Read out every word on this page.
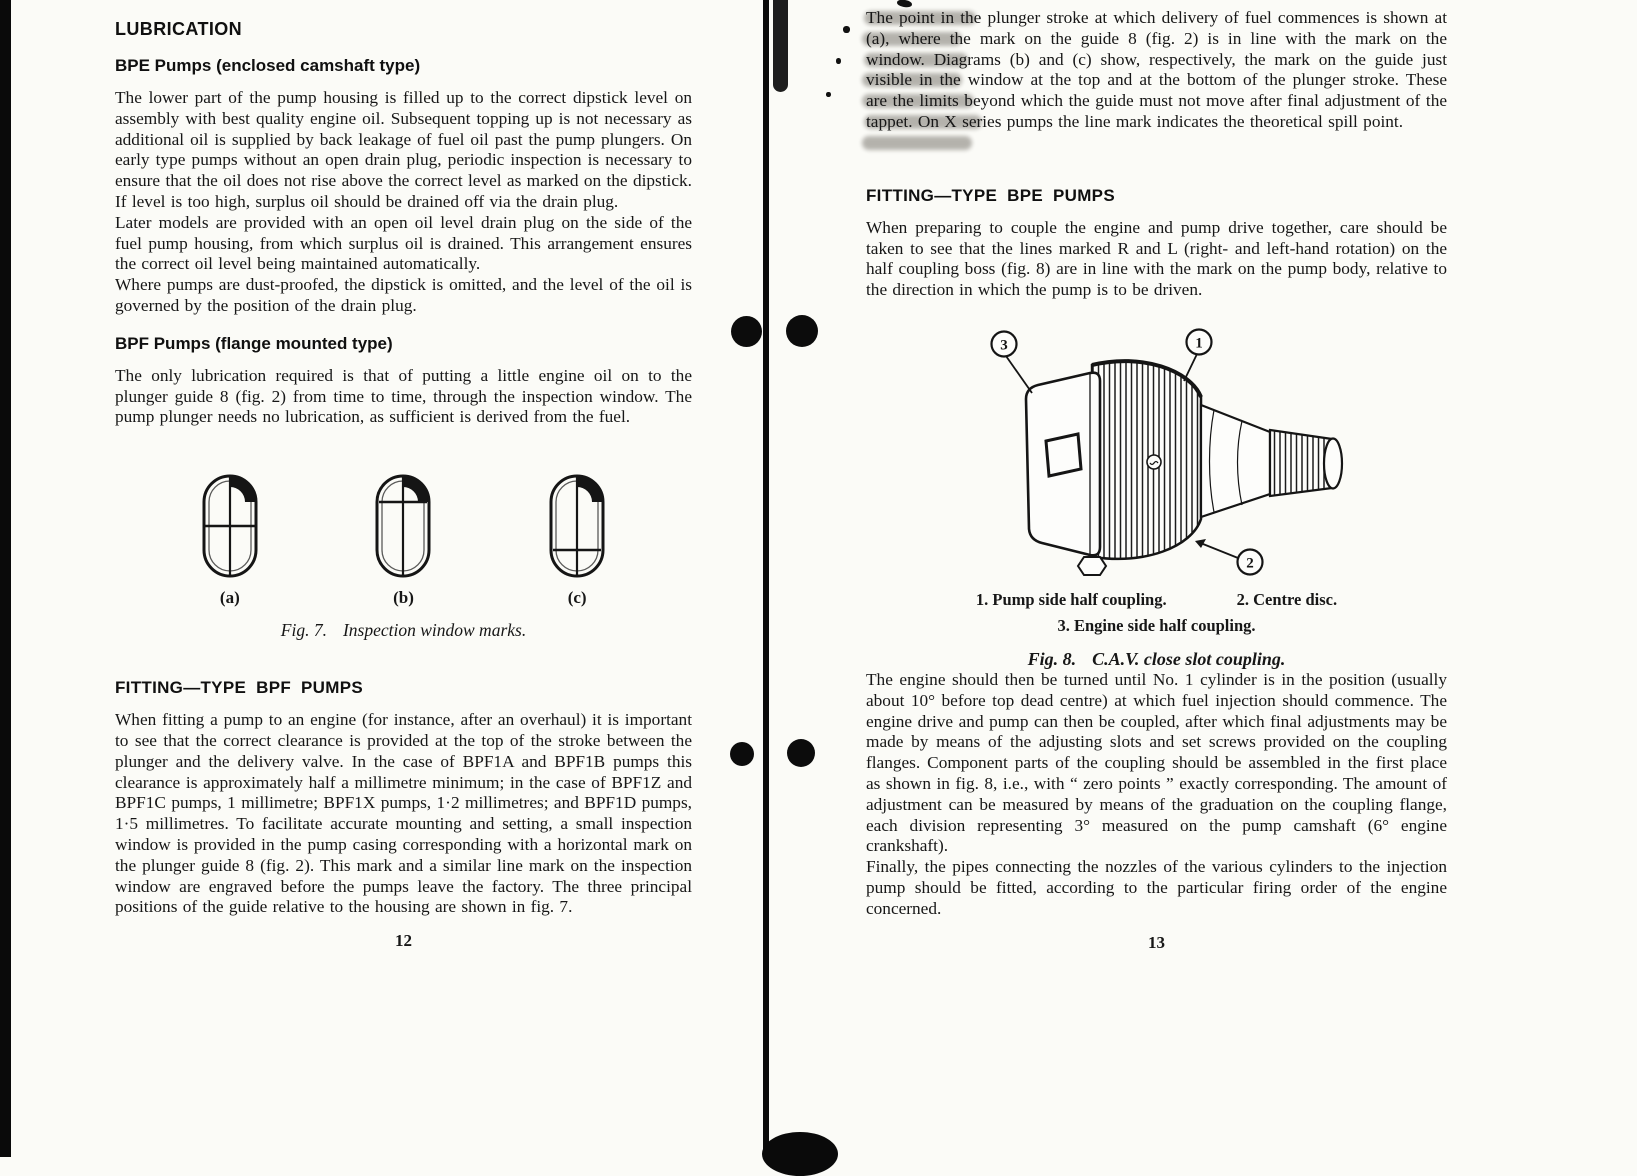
LUBRICATION
BPE Pumps (enclosed camshaft type)

The lower part of the pump housing is filled up to the correct dipstick level on assembly with best quality engine oil. Subsequent topping up is not necessary as additional oil is supplied by back leakage of fuel oil past the pump plungers. On early type pumps without an open drain plug, periodic inspection is necessary to ensure that the oil does not rise above the correct level as marked on the dipstick. If level is too high, surplus oil should be drained off via the drain plug.

Later models are provided with an open oil level drain plug on the side of the fuel pump housing, from which surplus oil is drained. This arrangement ensures the correct oil level being maintained automatically.

Where pumps are dust-proofed, the dipstick is omitted, and the level of the oil is governed by the position of the drain plug.

BPF Pumps (flange mounted type)

The only lubrication required is that of putting a little engine oil on to the plunger guide 8 (fig. 2) from time to time, through the inspection window. The pump plunger needs no lubrication, as sufficient is derived from the fuel.

(a)	(b)	(c)
Fig. 7. Inspection window marks.
FITTING—TYPE BPF PUMPS

When fitting a pump to an engine (for instance, after an overhaul) it is important to see that the correct clearance is provided at the top of the stroke between the plunger and the delivery valve. In the case of BPF1A and BPF1B pumps this clearance is approximately half a millimetre minimum; in the case of BPF1Z and BPF1C pumps, 1 millimetre; BPF1X pumps, 1·2 millimetres; and BPF1D pumps, 1·5 millimetres. To facilitate accurate mounting and setting, a small inspection window is provided in the pump casing corresponding with a horizontal mark on the plunger guide 8 (fig. 2). This mark and a similar line mark on the inspection window are engraved before the pumps leave the factory. The three principal positions of the guide relative to the housing are shown in fig. 7.

12

The point in the plunger stroke at which delivery of fuel commences is shown at (a), where the mark on the guide 8 (fig. 2) is in line with the mark on the window. Diagrams (b) and (c) show, respectively, the mark on the guide just visible in the window at the top and at the bottom of the plunger stroke. These are the limits beyond which the guide must not move after final adjustment of the tappet. On X series pumps the line mark indicates the theoretical spill point.

FITTING—TYPE BPE PUMPS

When preparing to couple the engine and pump drive together, care should be taken to see that the lines marked R and L (right- and left-hand rotation) on the half coupling boss (fig. 8) are in line with the mark on the pump body, relative to the direction in which the pump is to be driven.

3	1
2
1. Pump side half coupling.	2. Centre disc.
3. Engine side half coupling.
Fig. 8. C.A.V. close slot coupling.

The engine should then be turned until No. 1 cylinder is in the position (usually about 10° before top dead centre) at which fuel injection should commence. The engine drive and pump can then be coupled, after which final adjustments may be made by means of the adjusting slots and set screws provided on the coupling flanges. Component parts of the coupling should be assembled in the first place as shown in fig. 8, i.e., with “ zero points ” exactly corresponding. The amount of adjustment can be measured by means of the graduation on the coupling flange, each division representing 3° measured on the pump camshaft (6° engine crankshaft).

Finally, the pipes connecting the nozzles of the various cylinders to the injection pump should be fitted, according to the particular firing order of the engine concerned.

13
